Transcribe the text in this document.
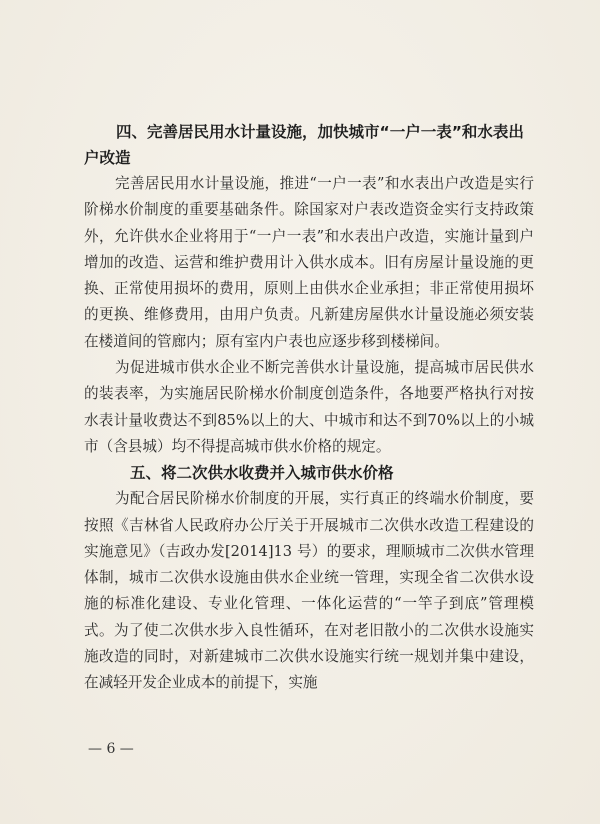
四、完善居民用水计量设施，加快城市“一户一表”和水表出户改造

完善居民用水计量设施，推进“一户一表”和水表出户改造是实行阶梯水价制度的重要基础条件。除国家对户表改造资金实行支持政策外，允许供水企业将用于“一户一表”和水表出户改造，实施计量到户增加的改造、运营和维护费用计入供水成本。旧有房屋计量设施的更换、正常使用损坏的费用，原则上由供水企业承担；非正常使用损坏的更换、维修费用，由用户负责。凡新建房屋供水计量设施必须安装在楼道间的管廊内；原有室内户表也应逐步移到楼梯间。

为促进城市供水企业不断完善供水计量设施，提高城市居民供水的装表率，为实施居民阶梯水价制度创造条件，各地要严格执行对按水表计量收费达不到85%以上的大、中城市和达不到70%以上的小城市（含县城）均不得提高城市供水价格的规定。

五、将二次供水收费并入城市供水价格

为配合居民阶梯水价制度的开展，实行真正的终端水价制度，要按照《吉林省人民政府办公厅关于开展城市二次供水改造工程建设的实施意见》（吉政办发[2014]13 号）的要求，理顺城市二次供水管理体制，城市二次供水设施由供水企业统一管理，实现全省二次供水设施的标准化建设、专业化管理、一体化运营的“一竿子到底”管理模式。为了使二次供水步入良性循环，在对老旧散小的二次供水设施实施改造的同时，对新建城市二次供水设施实行统一规划并集中建设，在减轻开发企业成本的前提下，实施

— 6 —
